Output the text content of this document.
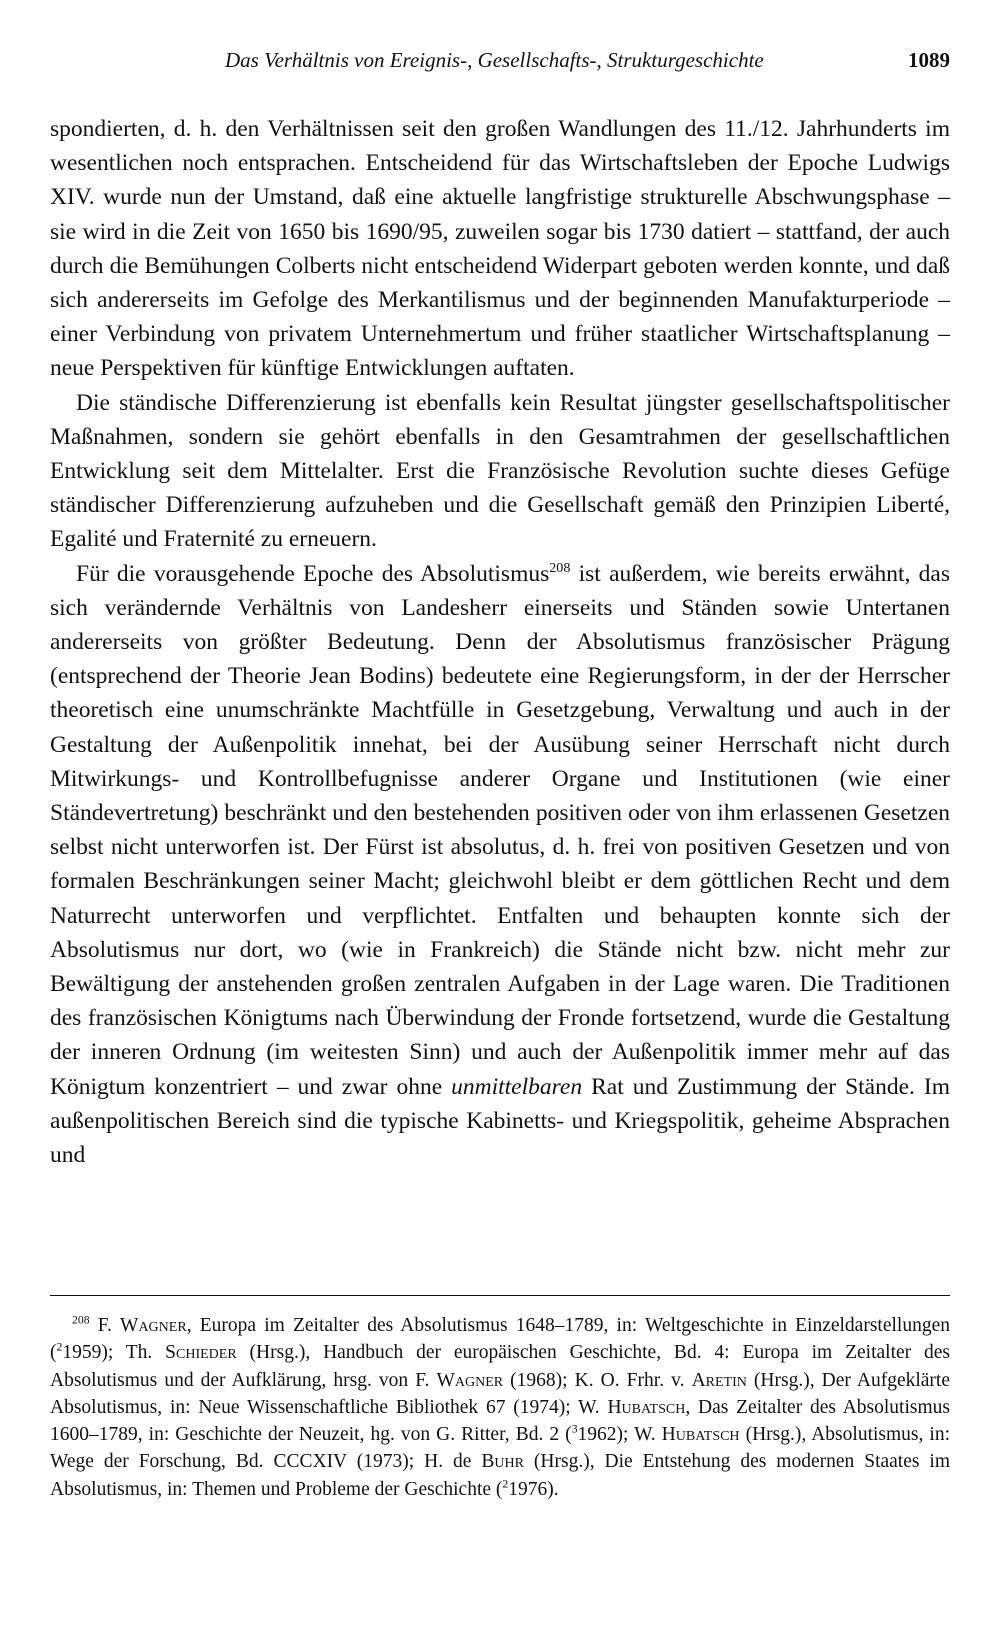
Das Verhältnis von Ereignis-, Gesellschafts-, Strukturgeschichte	1089

spondierten, d. h. den Verhältnissen seit den großen Wandlungen des 11./12. Jahrhunderts im wesentlichen noch entsprachen. Entscheidend für das Wirtschaftsleben der Epoche Ludwigs XIV. wurde nun der Umstand, daß eine aktuelle langfristige strukturelle Abschwungsphase – sie wird in die Zeit von 1650 bis 1690/95, zuweilen sogar bis 1730 datiert – stattfand, der auch durch die Bemühungen Colberts nicht entscheidend Widerpart geboten werden konnte, und daß sich andererseits im Gefolge des Merkantilismus und der beginnenden Manufakturperiode – einer Verbindung von privatem Unternehmertum und früher staatlicher Wirtschaftsplanung – neue Perspektiven für künftige Entwicklungen auftaten.

Die ständische Differenzierung ist ebenfalls kein Resultat jüngster gesellschaftspolitischer Maßnahmen, sondern sie gehört ebenfalls in den Gesamtrahmen der gesellschaftlichen Entwicklung seit dem Mittelalter. Erst die Französische Revolution suchte dieses Gefüge ständischer Differenzierung aufzuheben und die Gesellschaft gemäß den Prinzipien Liberté, Egalité und Fraternité zu erneuern.

Für die vorausgehende Epoche des Absolutismus$^{208}$ ist außerdem, wie bereits erwähnt, das sich verändernde Verhältnis von Landesherr einerseits und Ständen sowie Untertanen andererseits von größter Bedeutung. Denn der Absolutismus französischer Prägung (entsprechend der Theorie Jean Bodins) bedeutete eine Regierungsform, in der der Herrscher theoretisch eine unumschränkte Machtfülle in Gesetzgebung, Verwaltung und auch in der Gestaltung der Außenpolitik innehat, bei der Ausübung seiner Herrschaft nicht durch Mitwirkungs- und Kontrollbefugnisse anderer Organe und Institutionen (wie einer Ständevertretung) beschränkt und den bestehenden positiven oder von ihm erlassenen Gesetzen selbst nicht unterworfen ist. Der Fürst ist absolutus, d. h. frei von positiven Gesetzen und von formalen Beschränkungen seiner Macht; gleichwohl bleibt er dem göttlichen Recht und dem Naturrecht unterworfen und verpflichtet. Entfalten und behaupten konnte sich der Absolutismus nur dort, wo (wie in Frankreich) die Stände nicht bzw. nicht mehr zur Bewältigung der anstehenden großen zentralen Aufgaben in der Lage waren. Die Traditionen des französischen Königtums nach Überwindung der Fronde fortsetzend, wurde die Gestaltung der inneren Ordnung (im weitesten Sinn) und auch der Außenpolitik immer mehr auf das Königtum konzentriert – und zwar ohne unmittelbaren Rat und Zustimmung der Stände. Im außenpolitischen Bereich sind die typische Kabinetts- und Kriegspolitik, geheime Absprachen und

$^{208}$ F. Wagner, Europa im Zeitalter des Absolutismus 1648–1789, in: Weltgeschichte in Einzeldarstellungen ($^2$1959); Th. Schieder (Hrsg.), Handbuch der europäischen Geschichte, Bd. 4: Europa im Zeitalter des Absolutismus und der Aufklärung, hrsg. von F. Wagner (1968); K. O. Frhr. v. Aretin (Hrsg.), Der Aufgeklärte Absolutismus, in: Neue Wissenschaftliche Bibliothek 67 (1974); W. Hubatsch, Das Zeitalter des Absolutismus 1600–1789, in: Geschichte der Neuzeit, hg. von G. Ritter, Bd. 2 ($^3$1962); W. Hubatsch (Hrsg.), Absolutismus, in: Wege der Forschung, Bd. CCCXIV (1973); H. de Buhr (Hrsg.), Die Entstehung des modernen Staates im Absolutismus, in: Themen und Probleme der Geschichte ($^2$1976).
